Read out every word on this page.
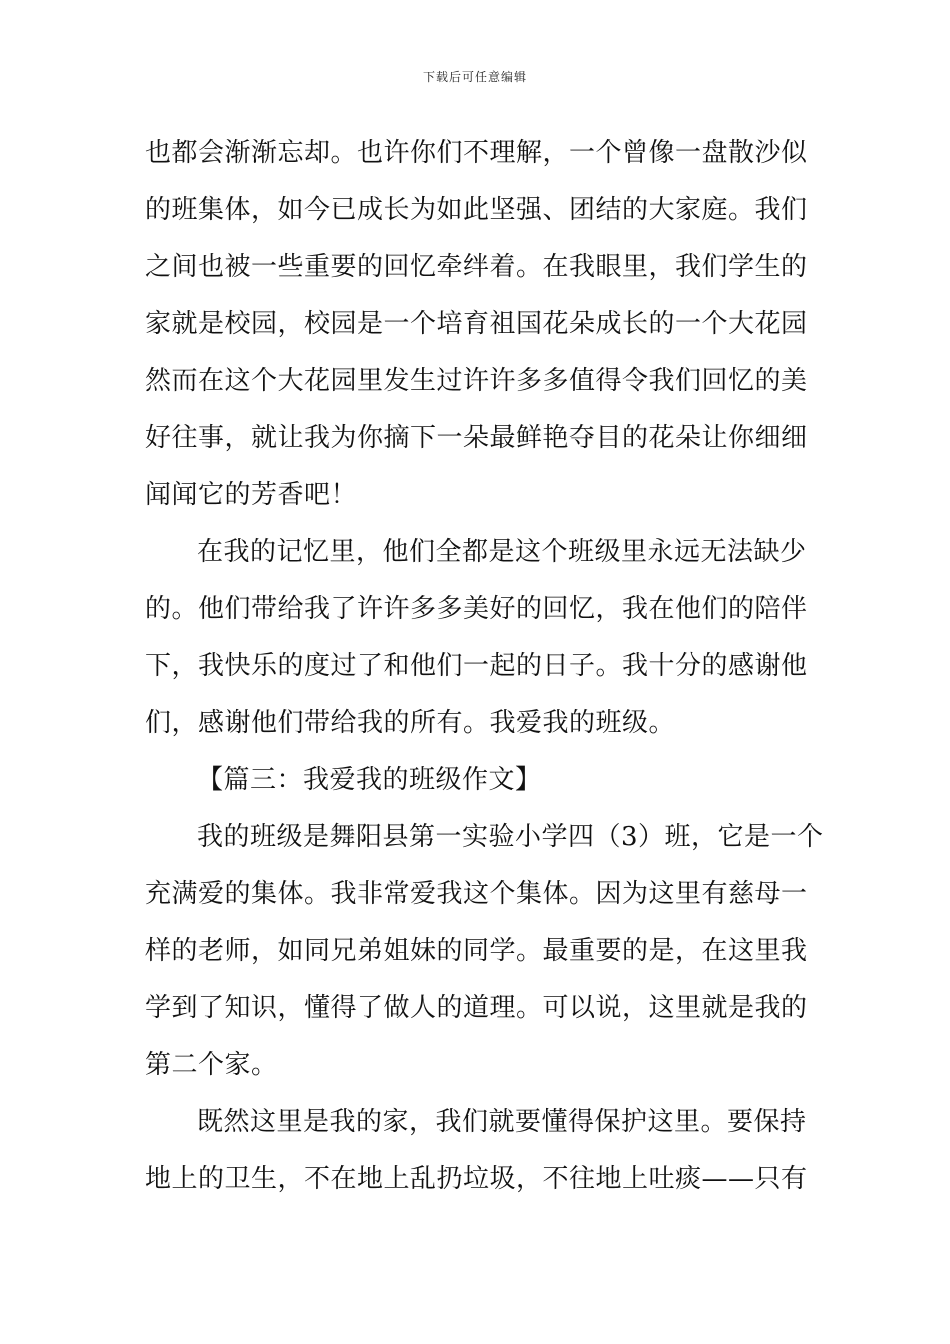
下载后可任意编辑
也都会渐渐忘却。也许你们不理解，一个曾像一盘散沙似
的班集体，如今已成长为如此坚强、团结的大家庭。我们
之间也被一些重要的回忆牵绊着。在我眼里，我们学生的
家就是校园，校园是一个培育祖国花朵成长的一个大花园
然而在这个大花园里发生过许许多多值得令我们回忆的美
好往事，就让我为你摘下一朵最鲜艳夺目的花朵让你细细
闻闻它的芳香吧！
在我的记忆里，他们全都是这个班级里永远无法缺少
的。他们带给我了许许多多美好的回忆，我在他们的陪伴
下，我快乐的度过了和他们一起的日子。我十分的感谢他
们，感谢他们带给我的所有。我爱我的班级。
【篇三：我爱我的班级作文】
我的班级是舞阳县第一实验小学四（3）班，它是一个
充满爱的集体。我非常爱我这个集体。因为这里有慈母一
样的老师，如同兄弟姐妹的同学。最重要的是，在这里我
学到了知识，懂得了做人的道理。可以说，这里就是我的
第二个家。
既然这里是我的家，我们就要懂得保护这里。要保持
地上的卫生，不在地上乱扔垃圾，不往地上吐痰——只有
